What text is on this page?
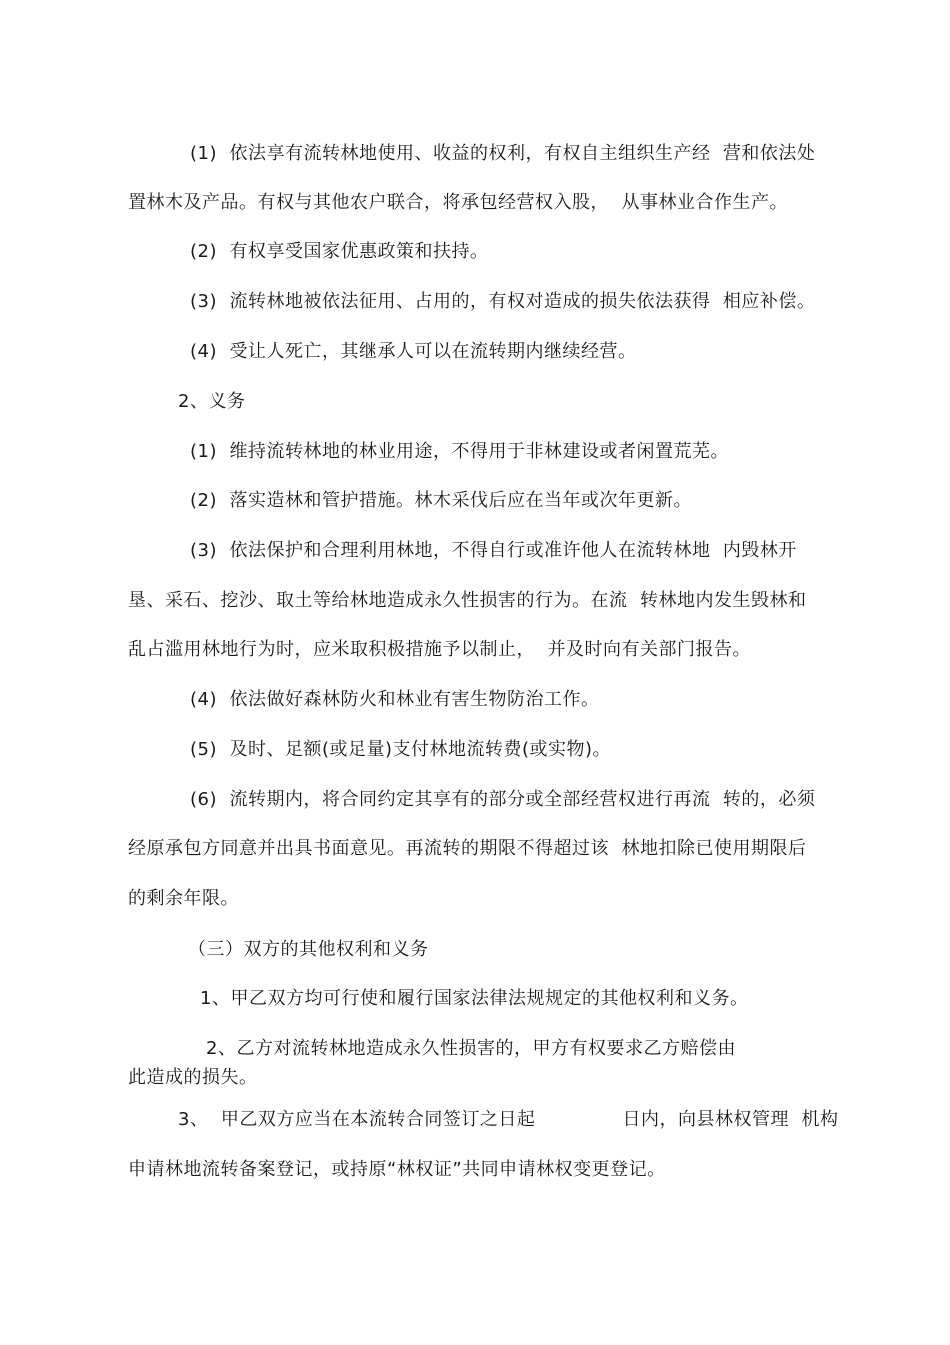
(1)  依法享有流转林地使用、收益的权利，有权自主组织生产经  营和依法处
置林木及产品。有权与其他农户联合，将承包经营权入股，  从事林业合作生产。
(2)  有权享受国家优惠政策和扶持。
(3)  流转林地被依法征用、占用的，有权对造成的损失依法获得  相应补偿。
(4)  受让人死亡，其继承人可以在流转期内继续经营。
2、义务
(1)  维持流转林地的林业用途，不得用于非林建设或者闲置荒芜。
(2)  落实造林和管护措施。林木采伐后应在当年或次年更新。
(3)  依法保护和合理利用林地，不得自行或准许他人在流转林地  内毁林开
垦、采石、挖沙、取土等给林地造成永久性损害的行为。在流  转林地内发生毁林和
乱占滥用林地行为时，应米取积极措施予以制止，  并及时向有关部门报告。
(4)  依法做好森林防火和林业有害生物防治工作。
(5)  及时、足额(或足量)支付林地流转费(或实物)。
(6)  流转期内，将合同约定其享有的部分或全部经营权进行再流  转的，必须
经原承包方同意并出具书面意见。再流转的期限不得超过该  林地扣除已使用期限后
的剩余年限。
（三）双方的其他权利和义务
1、甲乙双方均可行使和履行国家法律法规规定的其他权利和义务。
2、乙方对流转林地造成永久性损害的，甲方有权要求乙方赔偿由
此造成的损失。
3、  甲乙双方应当在本流转合同签订之日起              日内，向县林权管理  机构
申请林地流转备案登记，或持原“林权证”共同申请林权变更登记。
